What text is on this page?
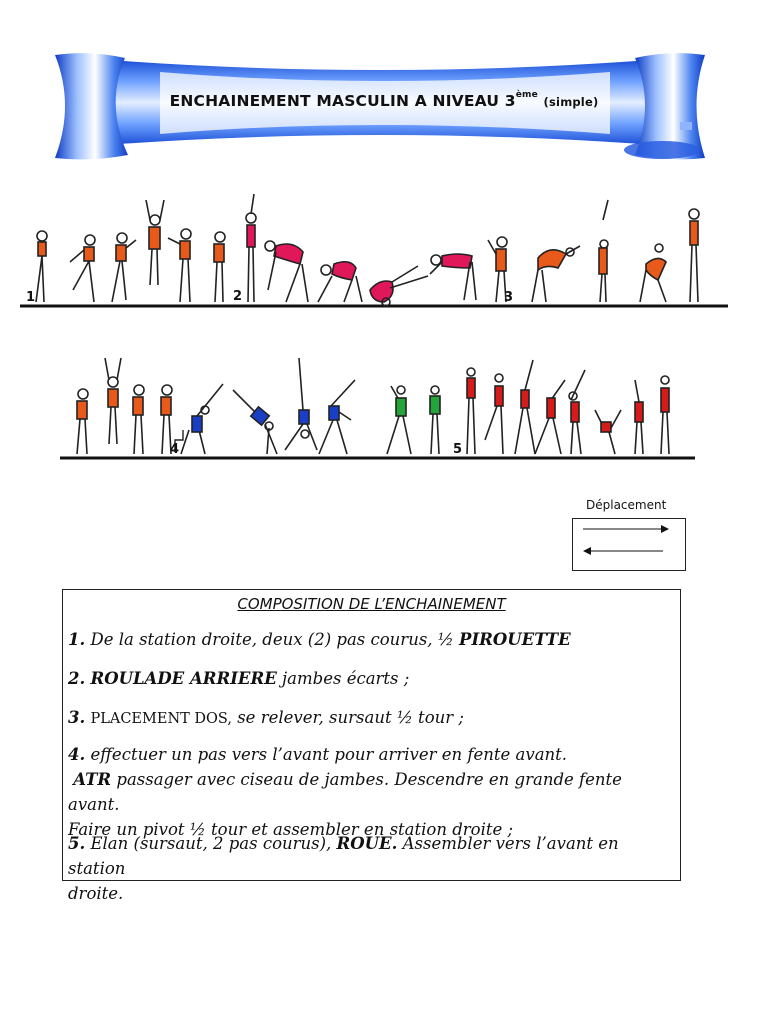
ENCHAINEMENT MASCULIN A NIVEAU 3ème (simple)
1	2	3
4	5
Déplacement
COMPOSITION DE L’ENCHAINEMENT
1. De la station droite, deux (2) pas courus, ½ PIROUETTE
2. ROULADE ARRIERE jambes écarts ;
3. PLACEMENT DOS, se relever, sursaut ½ tour ;
4. effectuer un pas vers l’avant pour arriver en fente avant.
ATR passager avec ciseau de jambes. Descendre en grande fente avant.
Faire un pivot ½ tour et assembler en station droite ;
5. Elan (sursaut, 2 pas courus), ROUE. Assembler vers l’avant en station
droite.
